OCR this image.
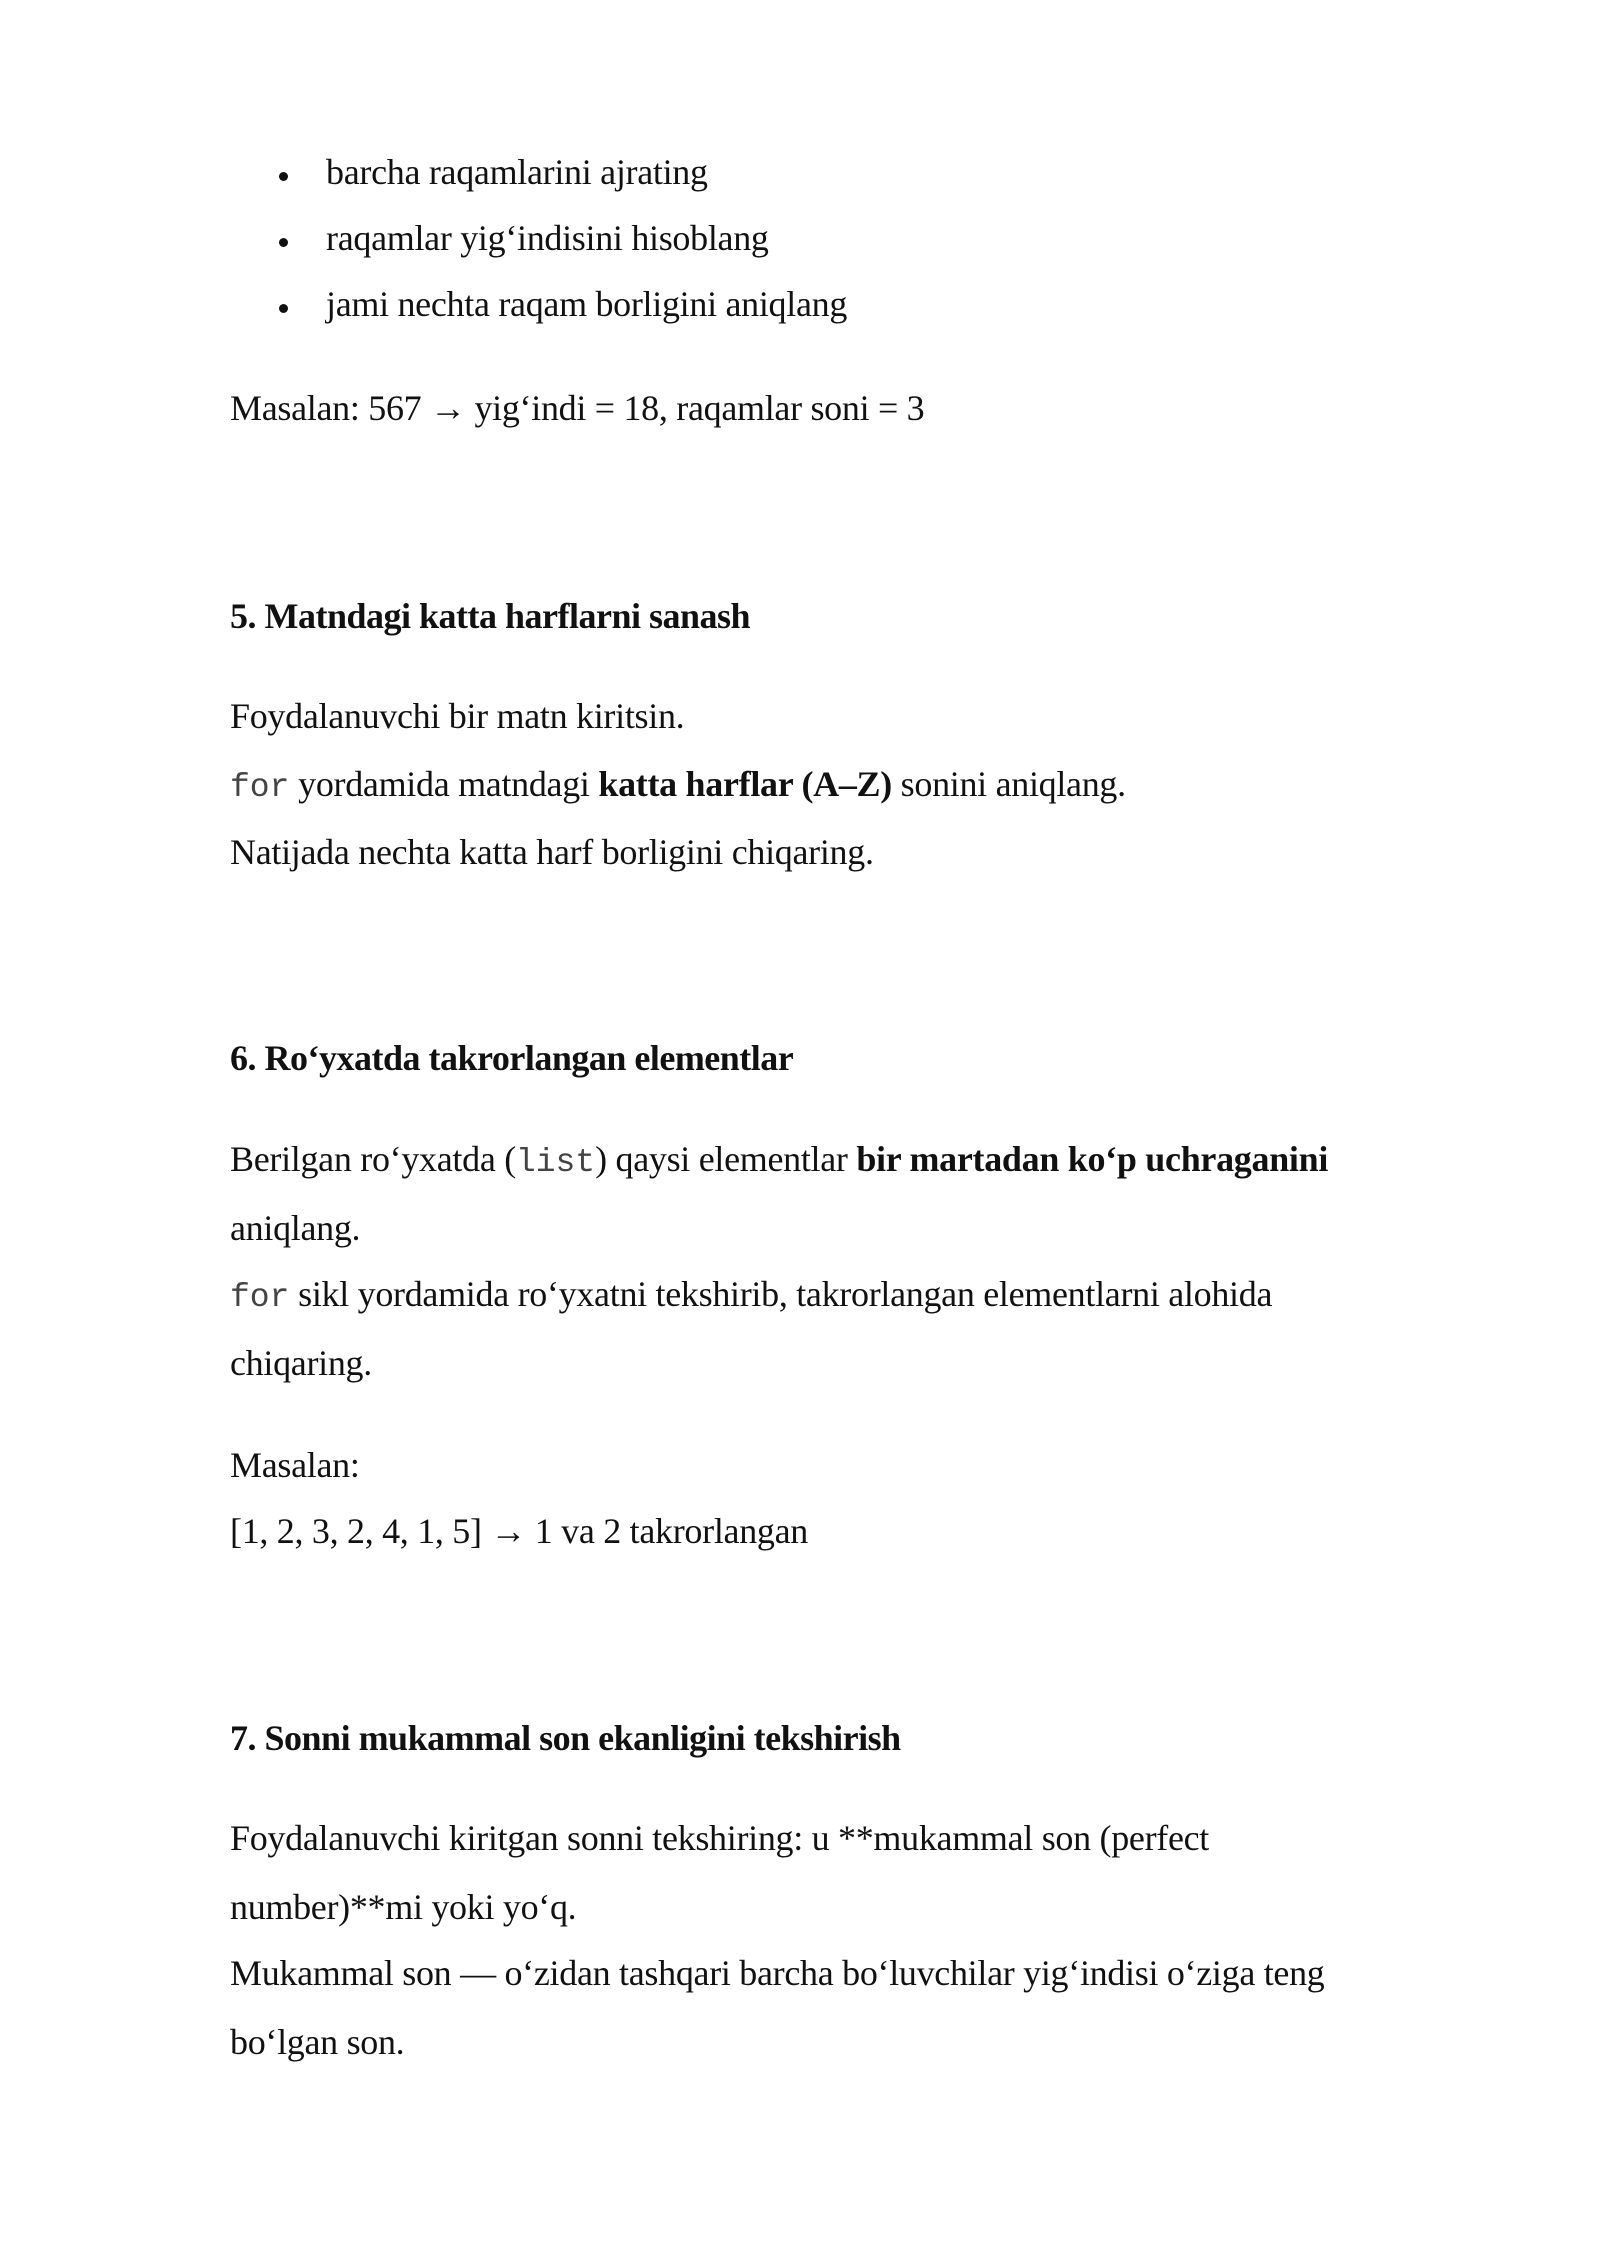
barcha raqamlarini ajrating
raqamlar yig‘indisini hisoblang
jami nechta raqam borligini aniqlang
Masalan: 567 → yig‘indi = 18, raqamlar soni = 3
5. Matndagi katta harflarni sanash
Foydalanuvchi bir matn kiritsin.
for yordamida matndagi katta harflar (A–Z) sonini aniqlang.
Natijada nechta katta harf borligini chiqaring.
6. Ro‘yxatda takrorlangan elementlar
Berilgan ro‘yxatda (list) qaysi elementlar bir martadan ko‘p uchraganini
aniqlang.
for sikl yordamida ro‘yxatni tekshirib, takrorlangan elementlarni alohida
chiqaring.
Masalan:
[1, 2, 3, 2, 4, 1, 5] → 1 va 2 takrorlangan
7. Sonni mukammal son ekanligini tekshirish
Foydalanuvchi kiritgan sonni tekshiring: u **mukammal son (perfect
number)**mi yoki yo‘q.
Mukammal son — o‘zidan tashqari barcha bo‘luvchilar yig‘indisi o‘ziga teng
bo‘lgan son.
